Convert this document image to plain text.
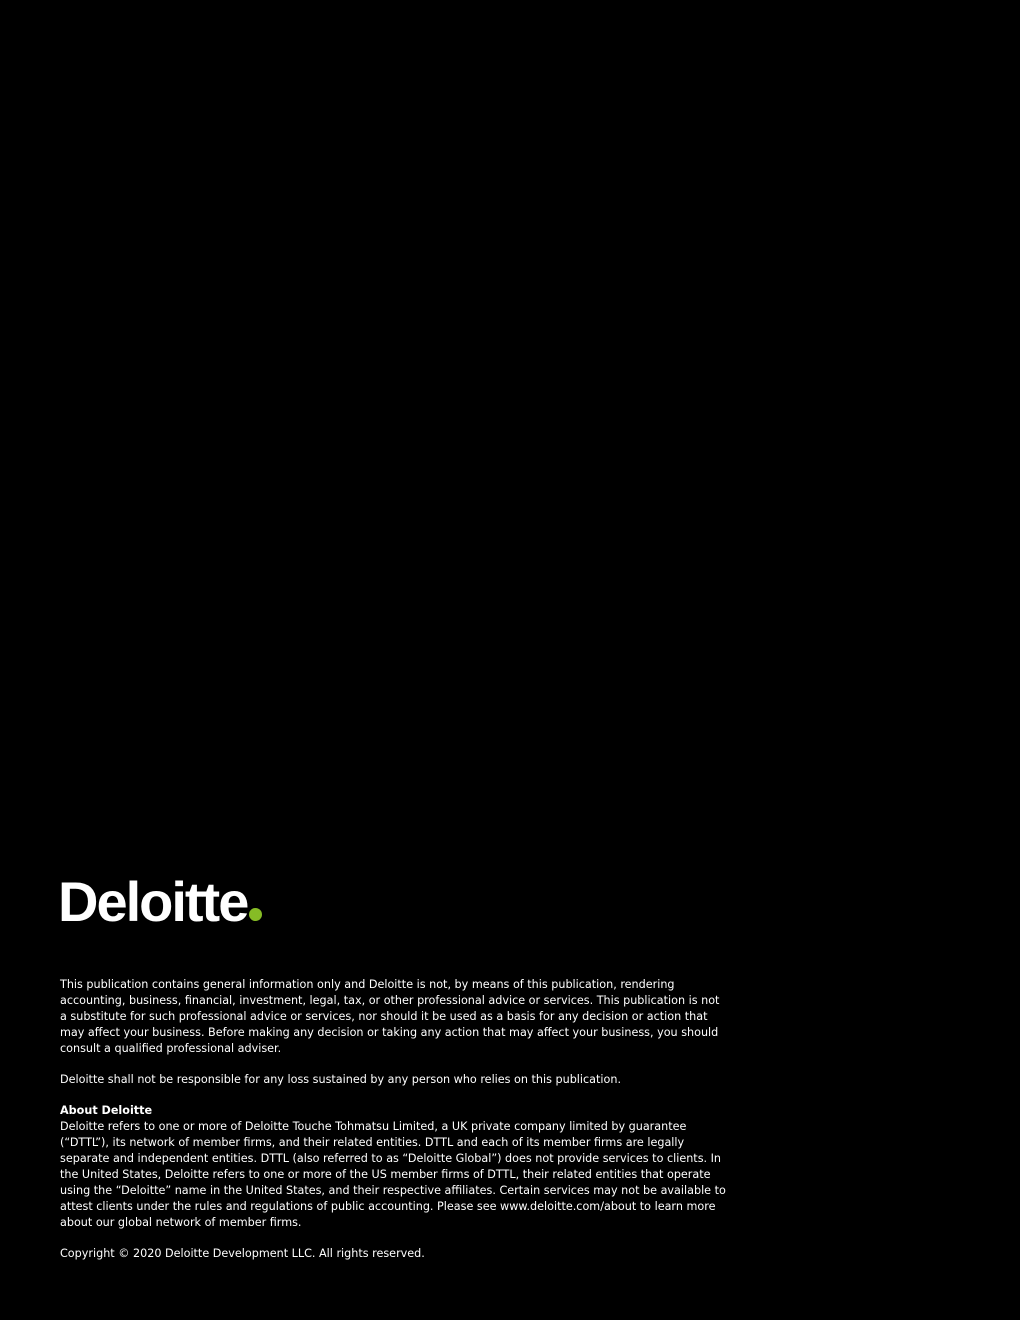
Deloitte

This publication contains general information only and Deloitte is not, by means of this publication, rendering accounting, business, financial, investment, legal, tax, or other professional advice or services. This publication is not a substitute for such professional advice or services, nor should it be used as a basis for any decision or action that may affect your business. Before making any decision or taking any action that may affect your business, you should consult a qualified professional adviser.

Deloitte shall not be responsible for any loss sustained by any person who relies on this publication.

About Deloitte

Deloitte refers to one or more of Deloitte Touche Tohmatsu Limited, a UK private company limited by guarantee (“DTTL”), its network of member firms, and their related entities. DTTL and each of its member firms are legally separate and independent entities. DTTL (also referred to as “Deloitte Global”) does not provide services to clients. In the United States, Deloitte refers to one or more of the US member firms of DTTL, their related entities that operate using the “Deloitte” name in the United States, and their respective affiliates. Certain services may not be available to attest clients under the rules and regulations of public accounting. Please see www.deloitte.com/about to learn more about our global network of member firms.

Copyright © 2020 Deloitte Development LLC. All rights reserved.
